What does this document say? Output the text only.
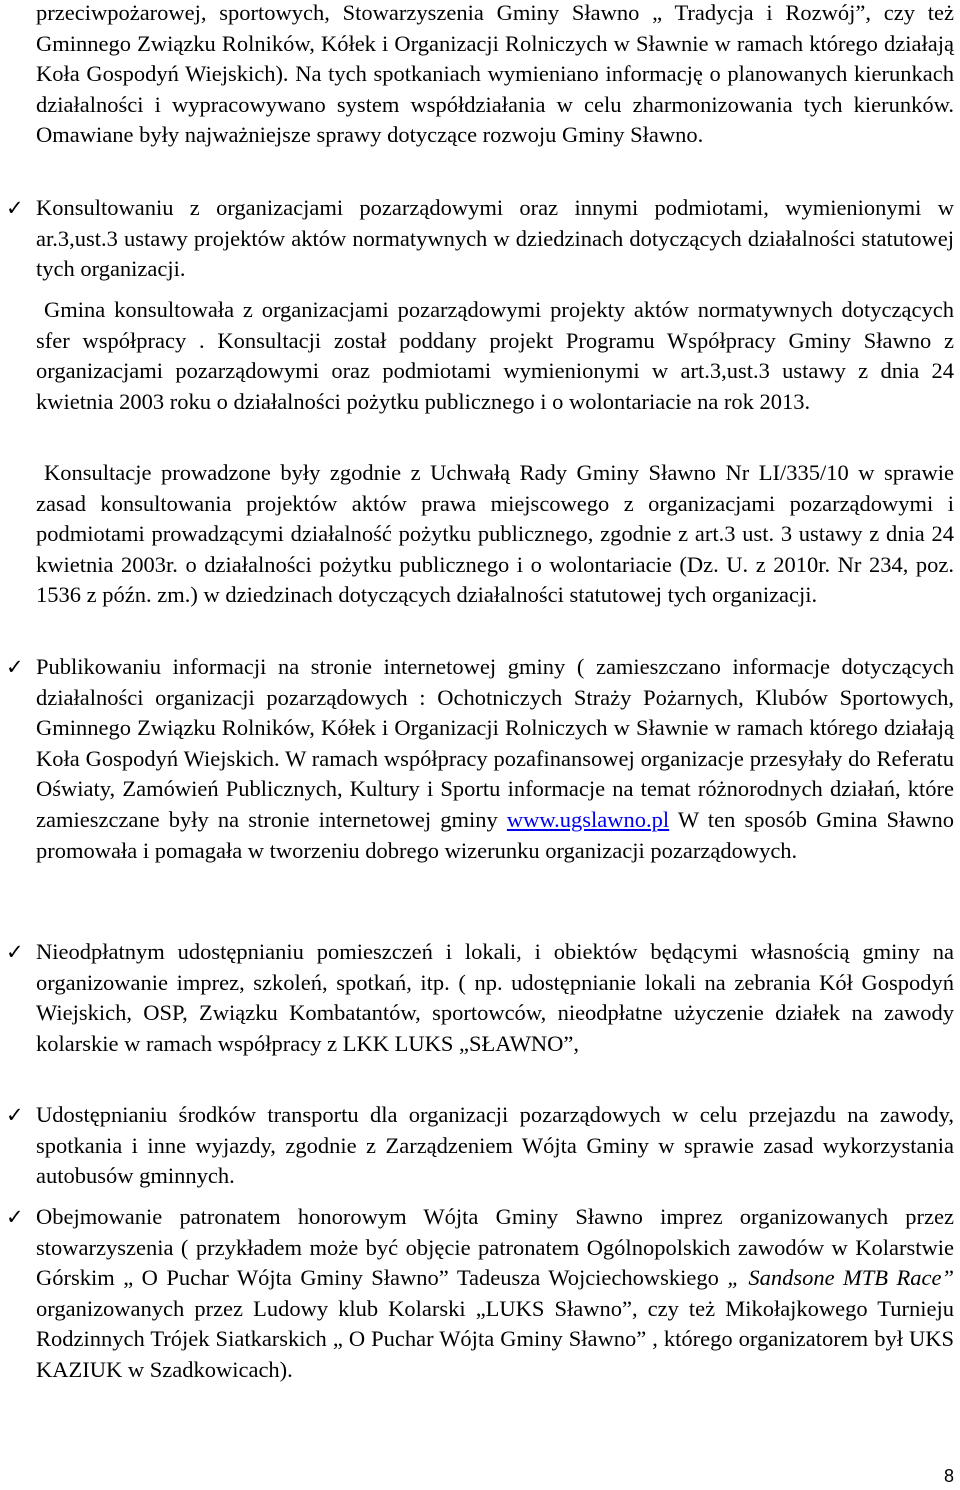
przeciwpożarowej, sportowych, Stowarzyszenia Gminy Sławno „ Tradycja i Rozwój”, czy też Gminnego Związku Rolników, Kółek i Organizacji Rolniczych w Sławnie w ramach którego działają Koła Gospodyń Wiejskich). Na tych spotkaniach wymieniano informację o planowanych kierunkach działalności i wypracowywano system współdziałania w celu zharmonizowania tych kierunków. Omawiane były najważniejsze sprawy dotyczące rozwoju Gminy Sławno.

✓ Konsultowaniu z organizacjami pozarządowymi oraz innymi podmiotami, wymienionymi w ar.3,ust.3 ustawy projektów aktów normatywnych w dziedzinach dotyczących działalności statutowej tych organizacji.

Gmina konsultowała z organizacjami pozarządowymi projekty aktów normatywnych dotyczących sfer współpracy . Konsultacji został poddany projekt Programu Współpracy Gminy Sławno z organizacjami pozarządowymi oraz podmiotami wymienionymi w art.3,ust.3 ustawy z dnia 24 kwietnia 2003 roku o działalności pożytku publicznego i o wolontariacie na rok 2013.

Konsultacje prowadzone były zgodnie z Uchwałą Rady Gminy Sławno Nr LI/335/10 w sprawie zasad konsultowania projektów aktów prawa miejscowego z organizacjami pozarządowymi i podmiotami prowadzącymi działalność pożytku publicznego, zgodnie z art.3 ust. 3 ustawy z dnia 24 kwietnia 2003r. o działalności pożytku publicznego i o wolontariacie (Dz. U. z 2010r. Nr 234, poz. 1536 z późn. zm.) w dziedzinach dotyczących działalności statutowej tych organizacji.

✓ Publikowaniu informacji na stronie internetowej gminy ( zamieszczano informacje dotyczących działalności organizacji pozarządowych : Ochotniczych Straży Pożarnych, Klubów Sportowych, Gminnego Związku Rolników, Kółek i Organizacji Rolniczych w Sławnie w ramach którego działają Koła Gospodyń Wiejskich. W ramach współpracy pozafinansowej organizacje przesyłały do Referatu Oświaty, Zamówień Publicznych, Kultury i Sportu informacje na temat różnorodnych działań, które zamieszczane były na stronie internetowej gminy www.ugslawno.pl W ten sposób Gmina Sławno promowała i pomagała w tworzeniu dobrego wizerunku organizacji pozarządowych.

✓ Nieodpłatnym udostępnianiu pomieszczeń i lokali, i obiektów będącymi własnością gminy na organizowanie imprez, szkoleń, spotkań, itp. ( np. udostępnianie lokali na zebrania Kół Gospodyń Wiejskich, OSP, Związku Kombatantów, sportowców, nieodpłatne użyczenie działek na zawody kolarskie w ramach współpracy z LKK LUKS „SŁAWNO”,

✓ Udostępnianiu środków transportu dla organizacji pozarządowych w celu przejazdu na zawody, spotkania i inne wyjazdy, zgodnie z Zarządzeniem Wójta Gminy w sprawie zasad wykorzystania autobusów gminnych.

✓ Obejmowanie patronatem honorowym Wójta Gminy Sławno imprez organizowanych przez stowarzyszenia ( przykładem może być objęcie patronatem Ogólnopolskich zawodów w Kolarstwie Górskim „ O Puchar Wójta Gminy Sławno” Tadeusza Wojciechowskiego „ Sandsone MTB Race” organizowanych przez Ludowy klub Kolarski „LUKS Sławno”, czy też Mikołajkowego Turnieju Rodzinnych Trójek Siatkarskich „ O Puchar Wójta Gminy Sławno” , którego organizatorem był UKS KAZIUK w Szadkowicach).

8
